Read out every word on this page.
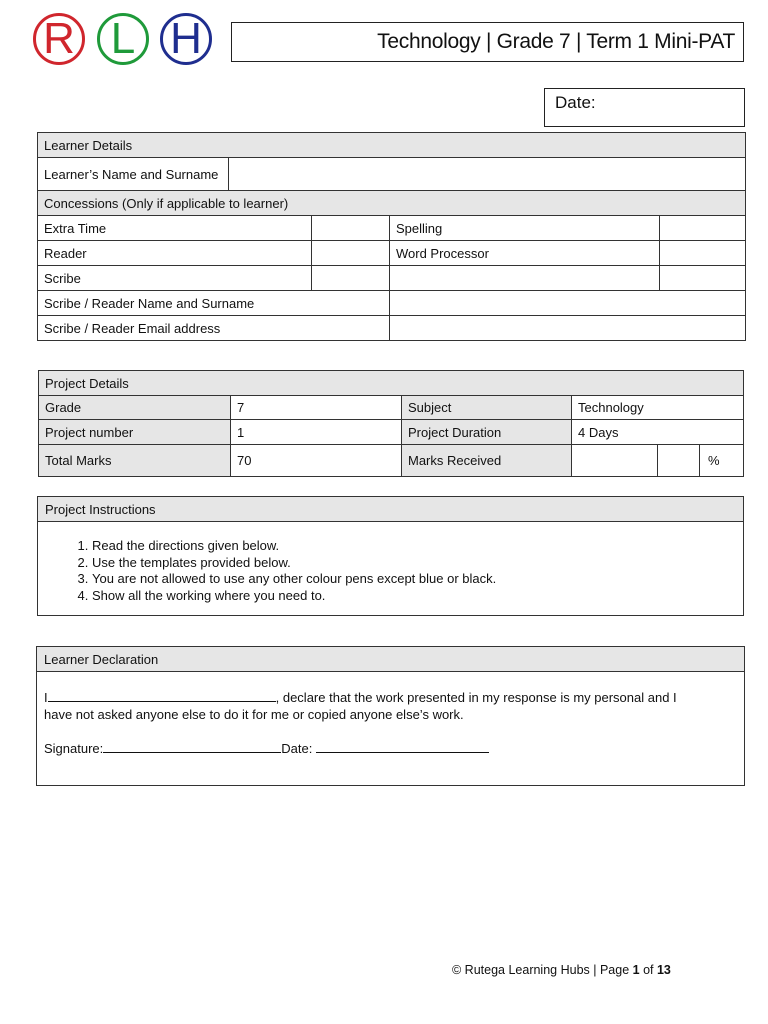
R L H	Technology | Grade 7 | Term 1 Mini-PAT
Date:
Learner Details				
Learner’s Name and Surname				
Concessions (Only if applicable to learner)				
Extra Time			Spelling	
Reader			Word Processor	
Scribe				
Scribe / Reader Name and Surname				
Scribe / Reader Email address				
Project Details				
Grade	7	Subject	Technology	
Project number	1	Project Duration	4 Days	
Total Marks	70	Marks Received		%
Project Instructions
1. Read the directions given below.
2. Use the templates provided below.
3. You are not allowed to use any other colour pens except blue or black.
4. Show all the working where you need to.
Learner Declaration
I	, declare that the work presented in my response is my personal and I
have not asked anyone else to do it for me or copied anyone else’s work.
Signature:	Date:
© Rutega Learning Hubs | Page 1 of 13
